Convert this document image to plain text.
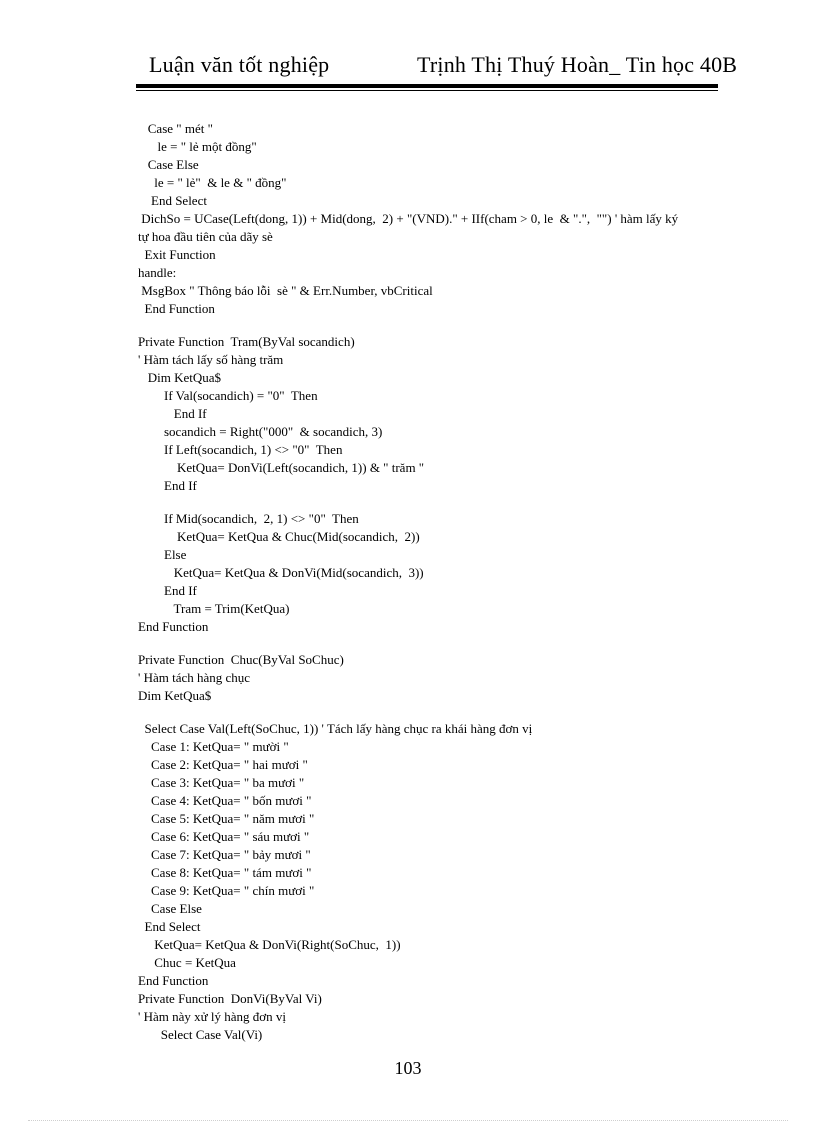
Luận văn tốt nghiệp	Trịnh Thị Thuý Hoàn_ Tin học 40B
Case " mét "
le = " lẻ một đồng"
Case Else
le = " lẻ"  & le & " đồng"
End Select
DichSo = UCase(Left(dong, 1)) + Mid(dong,  2) + "(VND)." + IIf(cham > 0, le  & ".",  "") ' hàm lấy ký
tự hoa đầu tiên của dãy sè
Exit Function
handle:
MsgBox " Thông báo lỗi  sè " & Err.Number, vbCritical
End Function
Private Function  Tram(ByVal socandich)
' Hàm tách lấy số hàng trăm
Dim KetQua$
If Val(socandich) = "0"  Then
End If
socandich = Right("000"  & socandich, 3)
If Left(socandich, 1) <> "0"  Then
KetQua= DonVi(Left(socandich, 1)) & " trăm "
End If
If Mid(socandich,  2, 1) <> "0"  Then
KetQua= KetQua & Chuc(Mid(socandich,  2))
Else
KetQua= KetQua & DonVi(Mid(socandich,  3))
End If
Tram = Trim(KetQua)
End Function
Private Function  Chuc(ByVal SoChuc)
' Hàm tách hàng chục
Dim KetQua$
Select Case Val(Left(SoChuc, 1)) ' Tách lấy hàng chục ra khái hàng đơn vị
Case 1: KetQua= " mười "
Case 2: KetQua= " hai mươi "
Case 3: KetQua= " ba mươi "
Case 4: KetQua= " bốn mươi "
Case 5: KetQua= " năm mươi "
Case 6: KetQua= " sáu mươi "
Case 7: KetQua= " bảy mươi "
Case 8: KetQua= " tám mươi "
Case 9: KetQua= " chín mươi "
Case Else
End Select
KetQua= KetQua & DonVi(Right(SoChuc,  1))
Chuc = KetQua
End Function
Private Function  DonVi(ByVal Vi)
' Hàm này xử lý hàng đơn vị
Select Case Val(Vi)
103
